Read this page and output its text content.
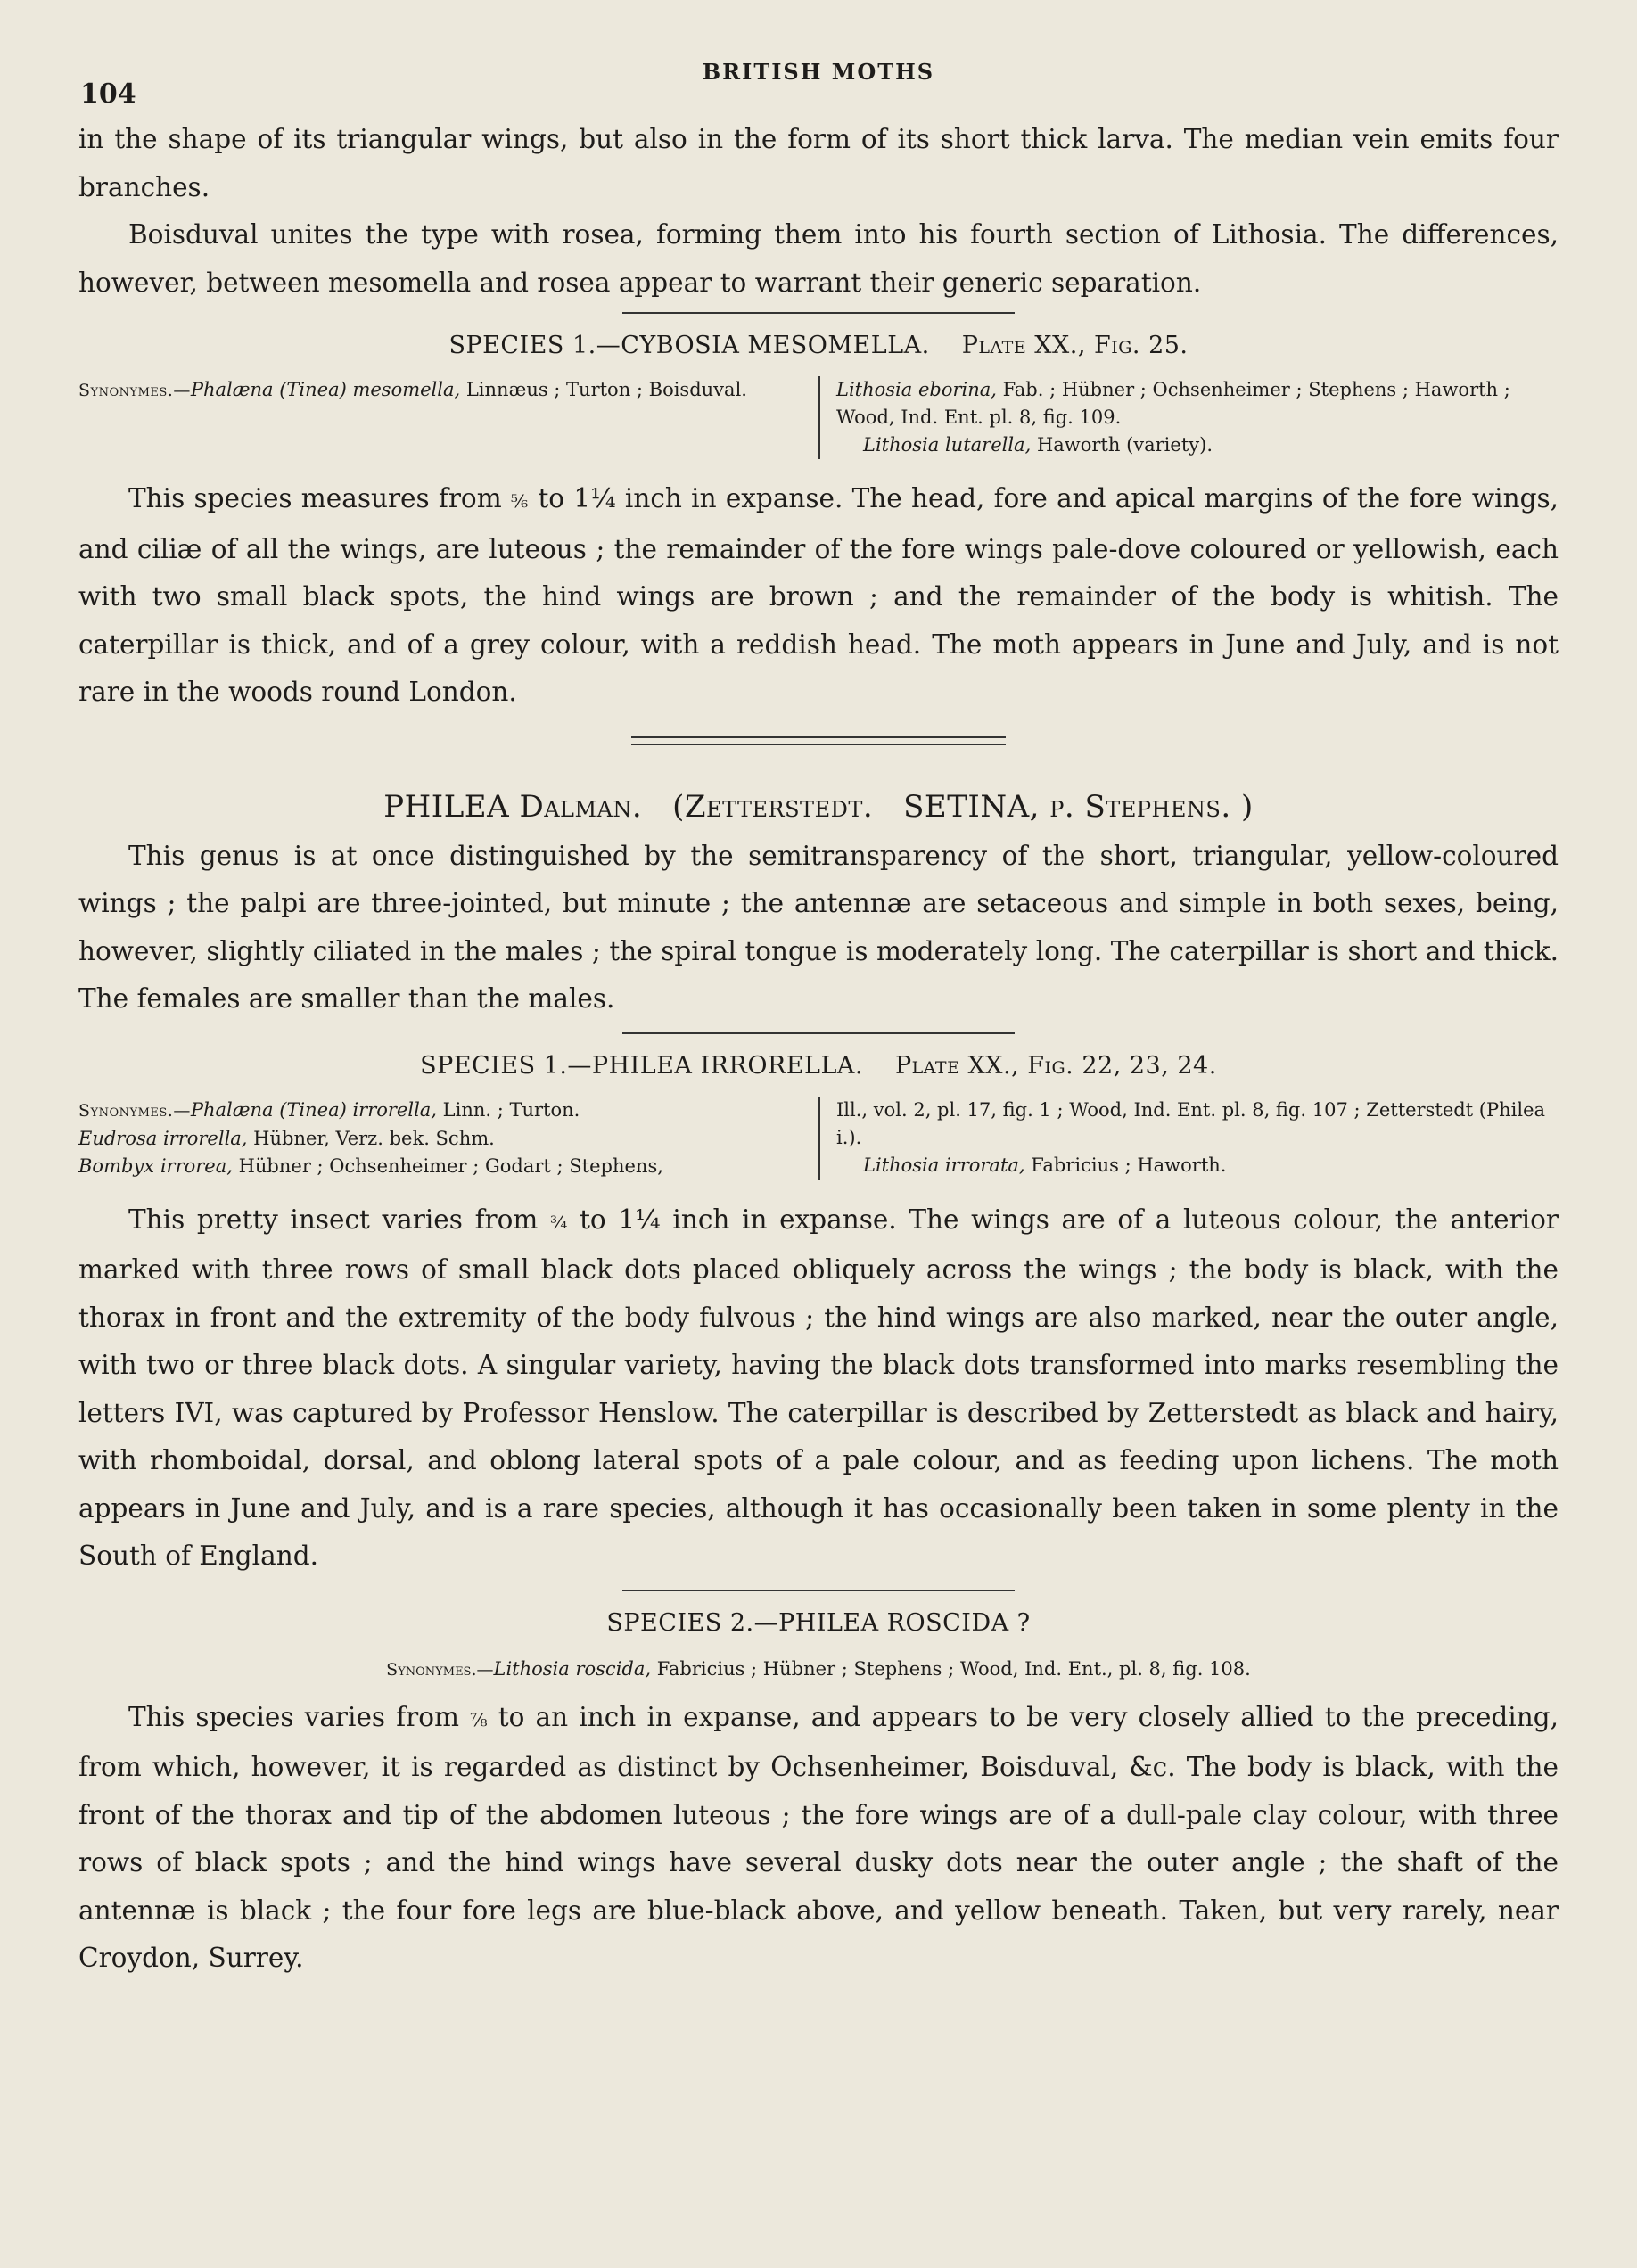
104
BRITISH MOTHS

in the shape of its triangular wings, but also in the form of its short thick larva. The median vein emits four branches.

Boisduval unites the type with rosea, forming them into his fourth section of Lithosia. The differences, however, between mesomella and rosea appear to warrant their generic separation.

SPECIES 1.—CYBOSIA MESOMELLA. Plate XX., Fig. 25.
Synonymes.—Phalæna (Tinea) mesomella, Linnæus ; Turton ; Boisduval.	Lithosia eborina, Fab. ; Hübner ; Ochsenheimer ; Stephens ; Haworth ; Wood, Ind. Ent. pl. 8, fig. 109.
Lithosia lutarella, Haworth (variety).

This species measures from ⅚ to 1¼ inch in expanse. The head, fore and apical margins of the fore wings, and ciliæ of all the wings, are luteous ; the remainder of the fore wings pale-dove coloured or yellowish, each with two small black spots, the hind wings are brown ; and the remainder of the body is whitish. The caterpillar is thick, and of a grey colour, with a reddish head. The moth appears in June and July, and is not rare in the woods round London.

PHILEA Dalman. (Zetterstedt. SETINA, p. Stephens. )

This genus is at once distinguished by the semitransparency of the short, triangular, yellow-coloured wings ; the palpi are three-jointed, but minute ; the antennæ are setaceous and simple in both sexes, being, however, slightly ciliated in the males ; the spiral tongue is moderately long. The caterpillar is short and thick. The females are smaller than the males.

SPECIES 1.—PHILEA IRRORELLA. Plate XX., Fig. 22, 23, 24.
Synonymes.—Phalæna (Tinea) irrorella, Linn. ; Turton.
Eudrosa irrorella, Hübner, Verz. bek. Schm.
Bombyx irrorea, Hübner ; Ochsenheimer ; Godart ; Stephens,
Ill., vol. 2, pl. 17, fig. 1 ; Wood, Ind. Ent. pl. 8, fig. 107 ; Zetterstedt (Philea i.).
Lithosia irrorata, Fabricius ; Haworth.

This pretty insect varies from ¾ to 1¼ inch in expanse. The wings are of a luteous colour, the anterior marked with three rows of small black dots placed obliquely across the wings ; the body is black, with the thorax in front and the extremity of the body fulvous ; the hind wings are also marked, near the outer angle, with two or three black dots. A singular variety, having the black dots transformed into marks resembling the letters IVI, was captured by Professor Henslow. The caterpillar is described by Zetterstedt as black and hairy, with rhomboidal, dorsal, and oblong lateral spots of a pale colour, and as feeding upon lichens. The moth appears in June and July, and is a rare species, although it has occasionally been taken in some plenty in the South of England.

SPECIES 2.—PHILEA ROSCIDA ?
Synonymes.—Lithosia roscida, Fabricius ; Hübner ; Stephens ; Wood, Ind. Ent., pl. 8, fig. 108.

This species varies from ⅞ to an inch in expanse, and appears to be very closely allied to the preceding, from which, however, it is regarded as distinct by Ochsenheimer, Boisduval, &c. The body is black, with the front of the thorax and tip of the abdomen luteous ; the fore wings are of a dull-pale clay colour, with three rows of black spots ; and the hind wings have several dusky dots near the outer angle ; the shaft of the antennæ is black ; the four fore legs are blue-black above, and yellow beneath. Taken, but very rarely, near Croydon, Surrey.
